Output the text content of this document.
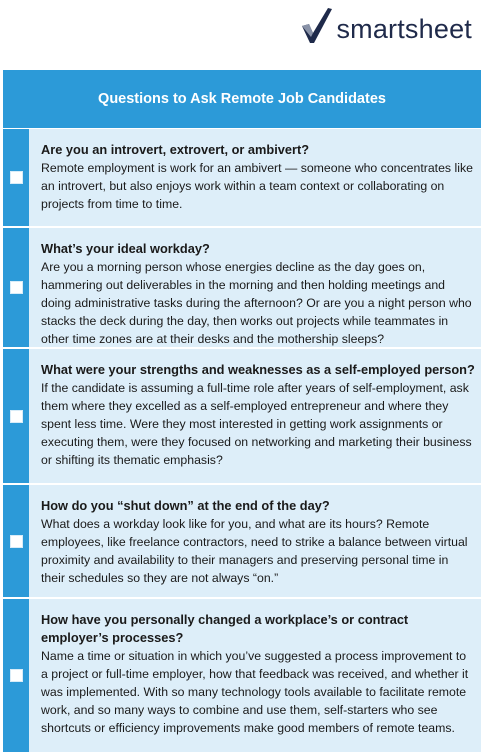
smartsheet
Questions to Ask Remote Job Candidates

Are you an introvert, extrovert, or ambivert?

Remote employment is work for an ambivert — someone who concentrates like an introvert, but also enjoys work within a team context or collaborating on projects from time to time.

What’s your ideal workday?

Are you a morning person whose energies decline as the day goes on, hammering out deliverables in the morning and then holding meetings and doing administrative tasks during the afternoon? Or are you a night person who stacks the deck during the day, then works out projects while teammates in other time zones are at their desks and the mothership sleeps?

What were your strengths and weaknesses as a self-employed person?

If the candidate is assuming a full-time role after years of self-employment, ask them where they excelled as a self-employed entrepreneur and where they spent less time. Were they most interested in getting work assignments or executing them, were they focused on networking and marketing their business or shifting its thematic emphasis?

How do you “shut down” at the end of the day?

What does a workday look like for you, and what are its hours? Remote employees, like freelance contractors, need to strike a balance between virtual proximity and availability to their managers and preserving personal time in their schedules so they are not always “on.”

How have you personally changed a workplace’s or contract employer’s processes?

Name a time or situation in which you’ve suggested a process improvement to a project or full-time employer, how that feedback was received, and whether it was implemented. With so many technology tools available to facilitate remote work, and so many ways to combine and use them, self-starters who see shortcuts or efficiency improvements make good members of remote teams.
